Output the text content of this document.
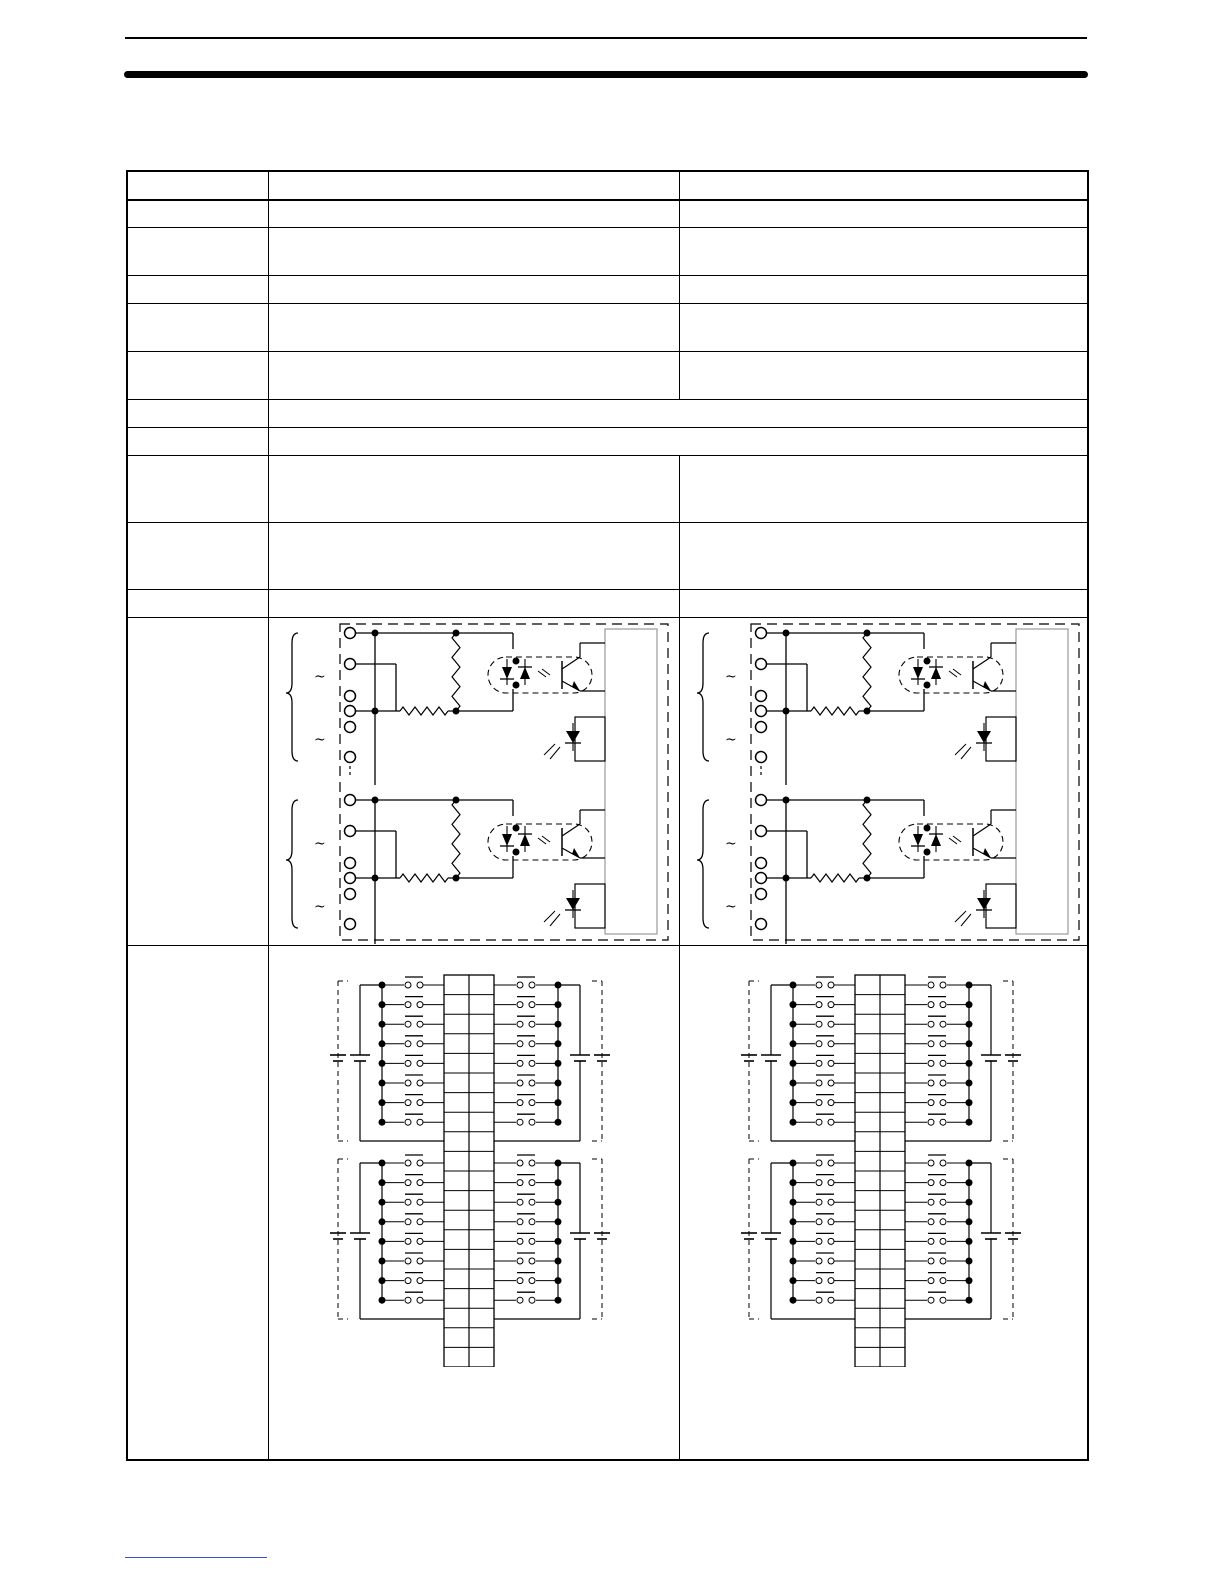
~
~
~
~
~
~
~
~
